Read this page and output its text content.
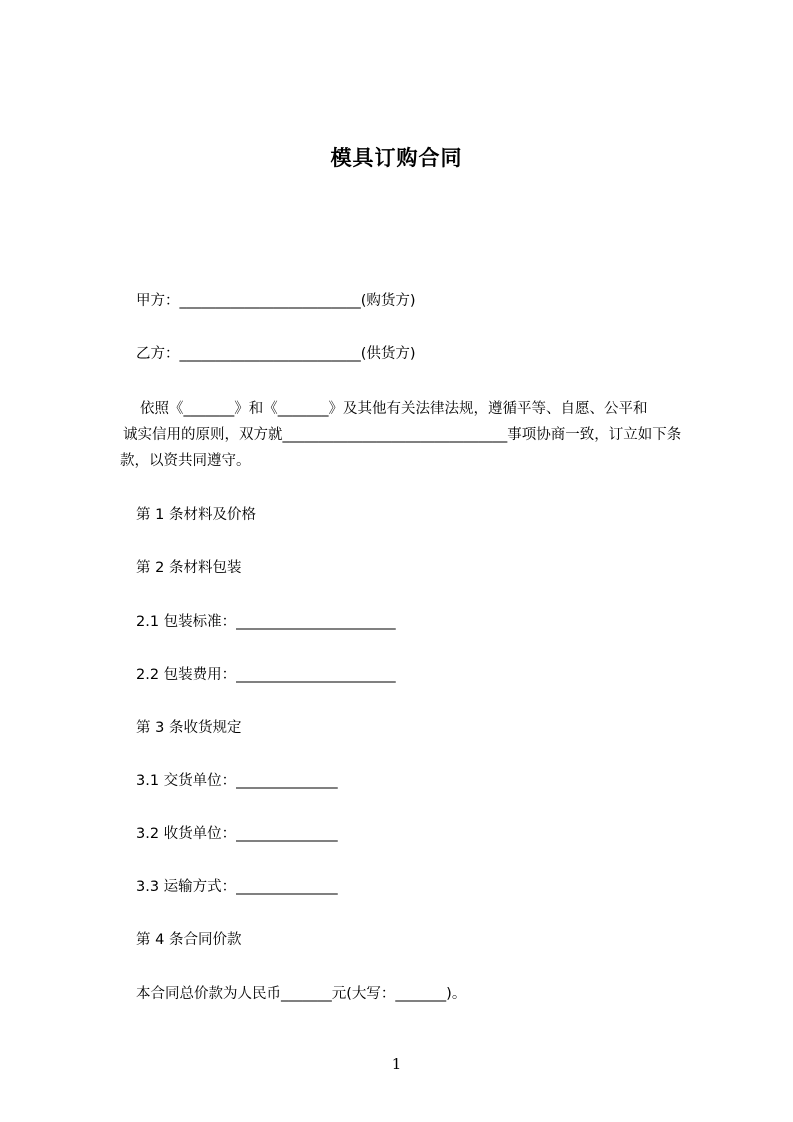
模具订购合同
甲方：_________________________(购货方)
乙方：_________________________(供货方)
依照《_______》和《_______》及其他有关法律法规，遵循平等、自愿、公平和
诚实信用的原则，双方就_______________________________事项协商一致，订立如下条
款，以资共同遵守。
第 1 条材料及价格
第 2 条材料包装
2.1 包装标准：______________________
2.2 包装费用：______________________
第 3 条收货规定
3.1 交货单位：______________
3.2 收货单位：______________
3.3 运输方式：______________
第 4 条合同价款
本合同总价款为人民币_______元(大写：_______)。
1
